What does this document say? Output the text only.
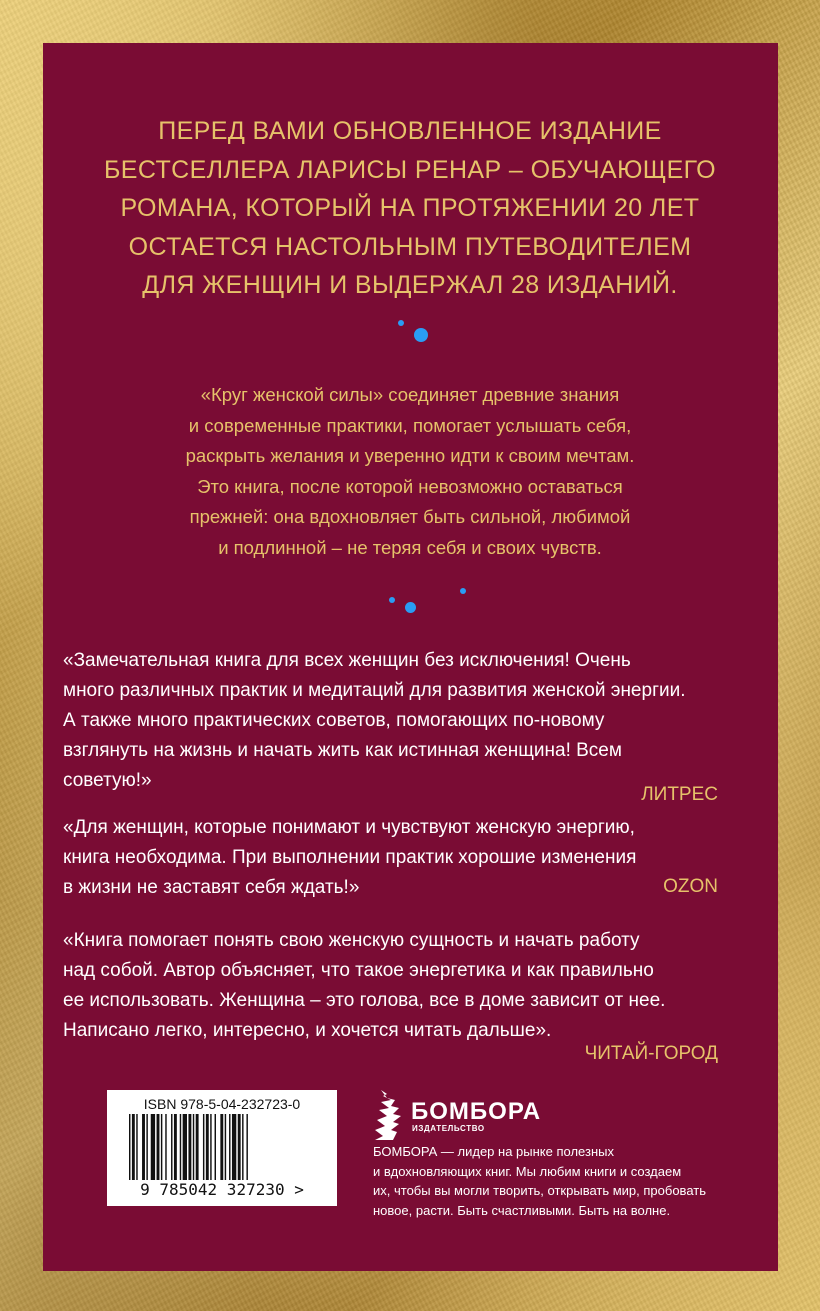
ПЕРЕД ВАМИ ОБНОВЛЕННОЕ ИЗДАНИЕ
БЕСТСЕЛЛЕРА ЛАРИСЫ РЕНАР – ОБУЧАЮЩЕГО
РОМАНА, КОТОРЫЙ НА ПРОТЯЖЕНИИ 20 ЛЕТ
ОСТАЕТСЯ НАСТОЛЬНЫМ ПУТЕВОДИТЕЛЕМ
ДЛЯ ЖЕНЩИН И ВЫДЕРЖАЛ 28 ИЗДАНИЙ.
«Круг женской силы» соединяет древние знания
и современные практики, помогает услышать себя,
раскрыть желания и уверенно идти к своим мечтам.
Это книга, после которой невозможно оставаться
прежней: она вдохновляет быть сильной, любимой
и подлинной – не теряя себя и своих чувств.
«Замечательная книга для всех женщин без исключения! Очень
много различных практик и медитаций для развития женской энергии.
А также много практических советов, помогающих по-новому
взглянуть на жизнь и начать жить как истинная женщина! Всем
советую!»
ЛИТРЕС
«Для женщин, которые понимают и чувствуют женскую энергию,
книга необходима. При выполнении практик хорошие изменения
в жизни не заставят себя ждать!»	OZON
«Книга помогает понять свою женскую сущность и начать работу
над собой. Автор объясняет, что такое энергетика и как правильно
ее использовать. Женщина – это голова, все в доме зависит от нее.
Написано легко, интересно, и хочется читать дальше».
ЧИТАЙ-ГОРОД
ISBN 978-5-04-232723-0
9 785042 327230 >
БОМБОРА
ИЗДАТЕЛЬСТВО
БОМБОРА — лидер на рынке полезных
и вдохновляющих книг. Мы любим книги и создаем
их, чтобы вы могли творить, открывать мир, пробовать
новое, расти. Быть счастливыми. Быть на волне.
